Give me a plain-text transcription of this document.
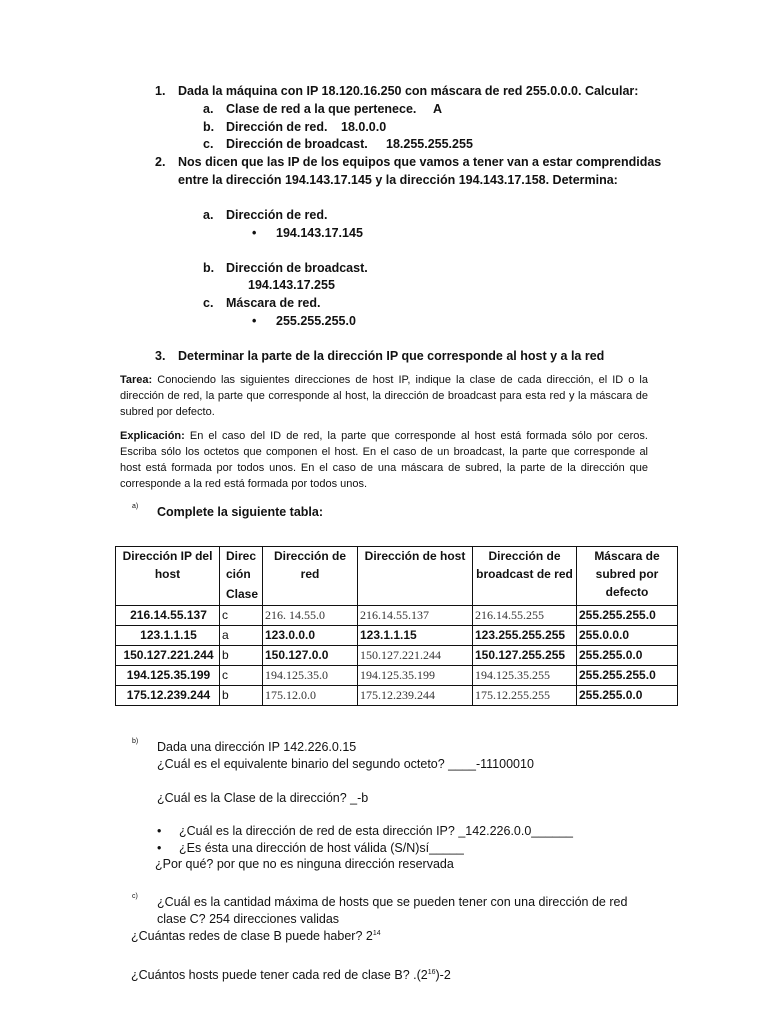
1. Dada la máquina con IP 18.120.16.250 con máscara de red 255.0.0.0. Calcular:
a. Clase de red a la que pertenece. A
b. Dirección de red. 18.0.0.0
c. Dirección de broadcast. 18.255.255.255
2. Nos dicen que las IP de los equipos que vamos a tener van a estar comprendidas
entre la dirección 194.143.17.145 y la dirección 194.143.17.158. Determina:
a. Dirección de red.
• 194.143.17.145
b. Dirección de broadcast.
194.143.17.255
c. Máscara de red.
• 255.255.255.0
3. Determinar la parte de la dirección IP que corresponde al host y a la red
Tarea: Conociendo las siguientes direcciones de host IP, indique la clase de cada dirección, el ID o la dirección de red, la parte que corresponde al host, la dirección de broadcast para esta red y la máscara de subred por defecto.
Explicación: En el caso del ID de red, la parte que corresponde al host está formada sólo por ceros. Escriba sólo los octetos que componen el host. En el caso de un broadcast, la parte que corresponde al host está formada por todos unos. En el caso de una máscara de subred, la parte de la dirección que corresponde a la red está formada por todos unos.
a) Complete la siguiente tabla:
Dirección IP del host	Direc ción
Clase	Dirección de red	Dirección de host	Dirección de broadcast de red	Máscara de subred por defecto
216.14.55.137	c	216. 14.55.0	216.14.55.137	216.14.55.255	255.255.255.0
123.1.1.15	a	123.0.0.0	123.1.1.15	123.255.255.255	255.0.0.0
150.127.221.244	b	150.127.0.0	150.127.221.244	150.127.255.255	255.255.0.0
194.125.35.199	c	194.125.35.0	194.125.35.199	194.125.35.255	255.255.255.0
175.12.239.244	b	175.12.0.0	175.12.239.244	175.12.255.255	255.255.0.0
b) Dada una dirección IP 142.226.0.15
¿Cuál es el equivalente binario del segundo octeto? ____-11100010
¿Cuál es la Clase de la dirección? _-b
• ¿Cuál es la dirección de red de esta dirección IP? _142.226.0.0______
• ¿Es ésta una dirección de host válida (S/N)sí_____
¿Por qué? por que no es ninguna dirección reservada
c) ¿Cuál es la cantidad máxima de hosts que se pueden tener con una dirección de red
clase C? 254 direcciones validas
¿Cuántas redes de clase B puede haber? $2^{14}$
¿Cuántos hosts puede tener cada red de clase B? $.(2^{16})-2$
